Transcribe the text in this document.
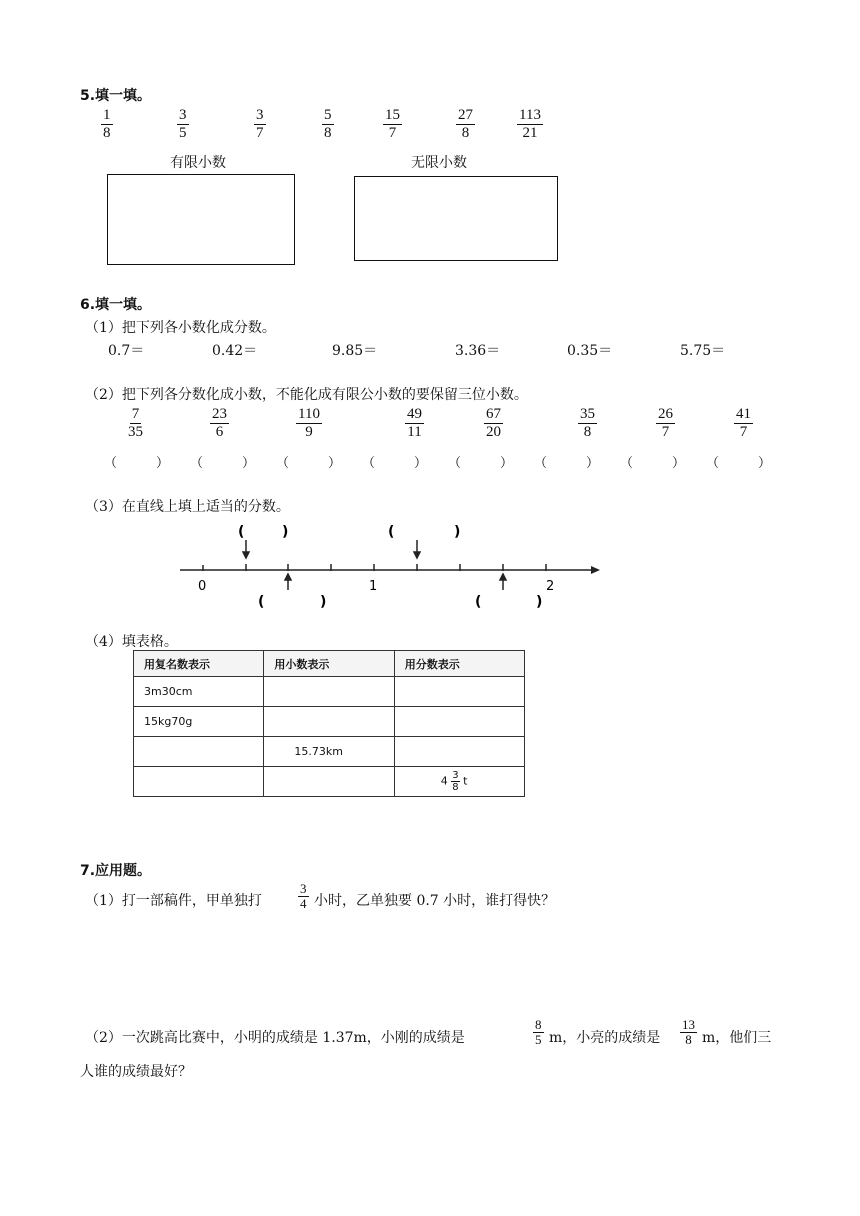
5.填一填。
$\frac{1}{8}$	$\frac{3}{5}$	$\frac{3}{7}$	$\frac{5}{8}$	$\frac{15}{7}$	$\frac{27}{8}$	$\frac{113}{21}$
有限小数	无限小数
6.填一填。
（1）把下列各小数化成分数。
0.7＝	0.42＝	9.85＝	3.36＝	0.35＝	5.75＝
（2）把下列各分数化成小数，不能化成有限公小数的要保留三位小数。
$\frac{7}{35}$	$\frac{23}{6}$	$\frac{110}{9}$	$\frac{49}{11}$	$\frac{67}{20}$	$\frac{35}{8}$	$\frac{26}{7}$	$\frac{41}{7}$
（　　　） （　　　） （　　　） （　　　） （　　　） （　　　） （　　　） （　　　）
（3）在直线上填上适当的分数。
0	1	2
(	)	(	)
(	)	(	)
（4）填表格。
用复名数表示	用小数表示	用分数表示
3m30cm		
15kg70g		
	15.73km	
		$4 \frac{3}{8}$ t
7.应用题。
（1）打一部稿件，甲单独打	$\frac{3}{4}$ 小时，乙单独要 0.7 小时，谁打得快？
（2）一次跳高比赛中，小明的成绩是 1.37m，小刚的成绩是	$\frac{8}{5}$ m，小亮的成绩是 $\frac{13}{8}$ m，他们三
人谁的成绩最好？
